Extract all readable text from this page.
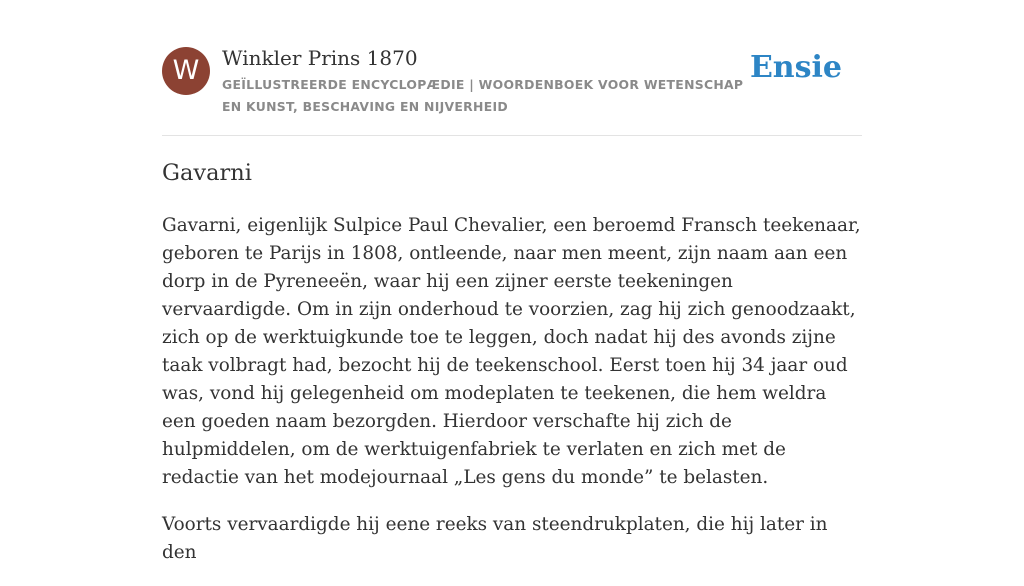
W	Winkler Prins 1870
GEÏLLUSTREERDE ENCYCLOPÆDIE | WOORDENBOEK VOOR WETENSCHAP EN KUNST, BESCHAVING EN NIJVERHEID
Ensie
Gavarni

Gavarni, eigenlijk Sulpice Paul Chevalier, een beroemd Fransch teekenaar, geboren te Parijs in 1808, ontleende, naar men meent, zijn naam aan een dorp in de Pyreneeën, waar hij een zijner eerste teekeningen vervaardigde. Om in zijn onderhoud te voorzien, zag hij zich genoodzaakt, zich op de werktuigkunde toe te leggen, doch nadat hij des avonds zijne taak volbragt had, bezocht hij de teekenschool. Eerst toen hij 34 jaar oud was, vond hij gelegenheid om modeplaten te teekenen, die hem weldra een goeden naam bezorgden. Hierdoor verschafte hij zich de hulpmiddelen, om de werktuigenfabriek te verlaten en zich met de redactie van het modejournaal „Les gens du monde” te belasten.

Voorts vervaardigde hij eene reeks van steendrukplaten, die hij later in den
